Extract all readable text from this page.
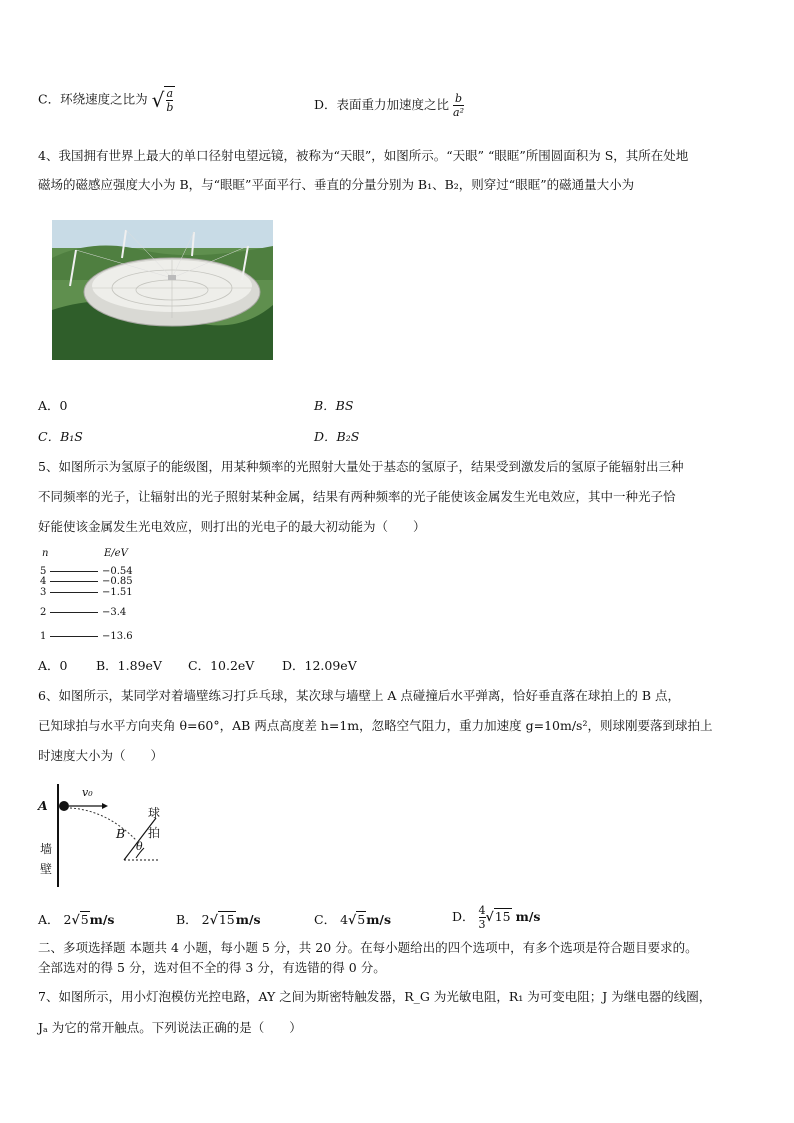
C．环绕速度之比为 √ $\frac{a}{b}$	D．表面重力加速度之比 $\frac{b}{\text{a²}}$
4、我国拥有世界上最大的单口径射电望远镜，被称为“天眼”，如图所示。“天眼” “眼眶”所围圆面积为 S，其所在处地
磁场的磁感应强度大小为 B，与“眼眶”平面平行、垂直的分量分别为 B₁、B₂，则穿过“眼眶”的磁通量大小为
A．0	B．BS
C．B₁S	D．B₂S
5、如图所示为氢原子的能级图，用某种频率的光照射大量处于基态的氢原子，结果受到激发后的氢原子能辐射出三种
不同频率的光子，让辐射出的光子照射某种金属，结果有两种频率的光子能使该金属发生光电效应，其中一种光子恰
好能使该金属发生光电效应，则打出的光电子的最大初动能为（　　）
n	E/eV
5	−0.54
4	−0.85
3	−1.51
2	−3.4
1	−13.6
A．0 B．1.89eV C．10.2eV D．12.09eV
6、如图所示，某同学对着墙壁练习打乒乓球，某次球与墙壁上 A 点碰撞后水平弹离，恰好垂直落在球拍上的 B 点，
已知球拍与水平方向夹角 θ=60°，AB 两点高度差 h=1m，忽略空气阻力，重力加速度 g=10m/s²，则球刚要落到球拍上
时速度大小为（　　）
A
v₀
B
θ
球
拍
墙
壁
A． 2√5m/s	B． 2√15m/s	C． 4√5m/s	D． $\frac{4}{3} √15$ m/s
二、多项选择题 本题共 4 小题，每小题 5 分，共 20 分。在每小题给出的四个选项中，有多个选项是符合题目要求的。
全部选对的得 5 分，选对但不全的得 3 分，有选错的得 0 分。
7、如图所示，用小灯泡模仿光控电路，AY 之间为斯密特触发器，R_G 为光敏电阻，R₁ 为可变电阻；J 为继电器的线圈，
Jₐ 为它的常开触点。下列说法正确的是（　　）
